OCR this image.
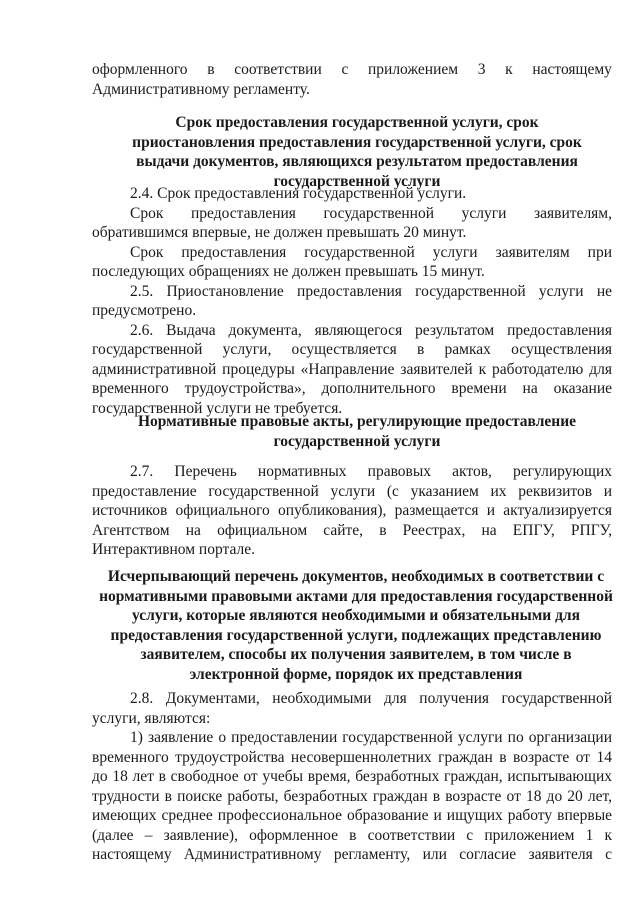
оформленного в соответствии с приложением 3 к настоящему

Административному регламенту.

Срок предоставления государственной услуги, срок приостановления предоставления государственной услуги, срок выдачи документов, являющихся результатом предоставления государственной услуги

2.4. Срок предоставления государственной услуги.

Срок предоставления государственной услуги заявителям, обратившимся впервые, не должен превышать 20 минут.

Срок предоставления государственной услуги заявителям при последующих обращениях не должен превышать 15 минут.

2.5. Приостановление предоставления государственной услуги не предусмотрено.

2.6. Выдача документа, являющегося результатом предоставления государственной услуги, осуществляется в рамках осуществления административной процедуры «Направление заявителей к работодателю для временного трудоустройства», дополнительного времени на оказание государственной услуги не требуется.

Нормативные правовые акты, регулирующие предоставление государственной услуги

2.7. Перечень нормативных правовых актов, регулирующих предоставление государственной услуги (с указанием их реквизитов и источников официального опубликования), размещается и актуализируется Агентством на официальном сайте, в Реестрах, на ЕПГУ, РПГУ, Интерактивном портале.

Исчерпывающий перечень документов, необходимых в соответствии с нормативными правовыми актами для предоставления государственной услуги, которые являются необходимыми и обязательными для предоставления государственной услуги, подлежащих представлению заявителем, способы их получения заявителем, в том числе в электронной форме, порядок их представления

2.8. Документами, необходимыми для получения государственной услуги, являются:

1) заявление о предоставлении государственной услуги по организации временного трудоустройства несовершеннолетних граждан в возрасте от 14 до 18 лет в свободное от учебы время, безработных граждан, испытывающих трудности в поиске работы, безработных граждан в возрасте от 18 до 20 лет, имеющих среднее профессиональное образование и ищущих работу впервые (далее – заявление), оформленное в соответствии с приложением 1 к настоящему Административному регламенту, или согласие заявителя с
